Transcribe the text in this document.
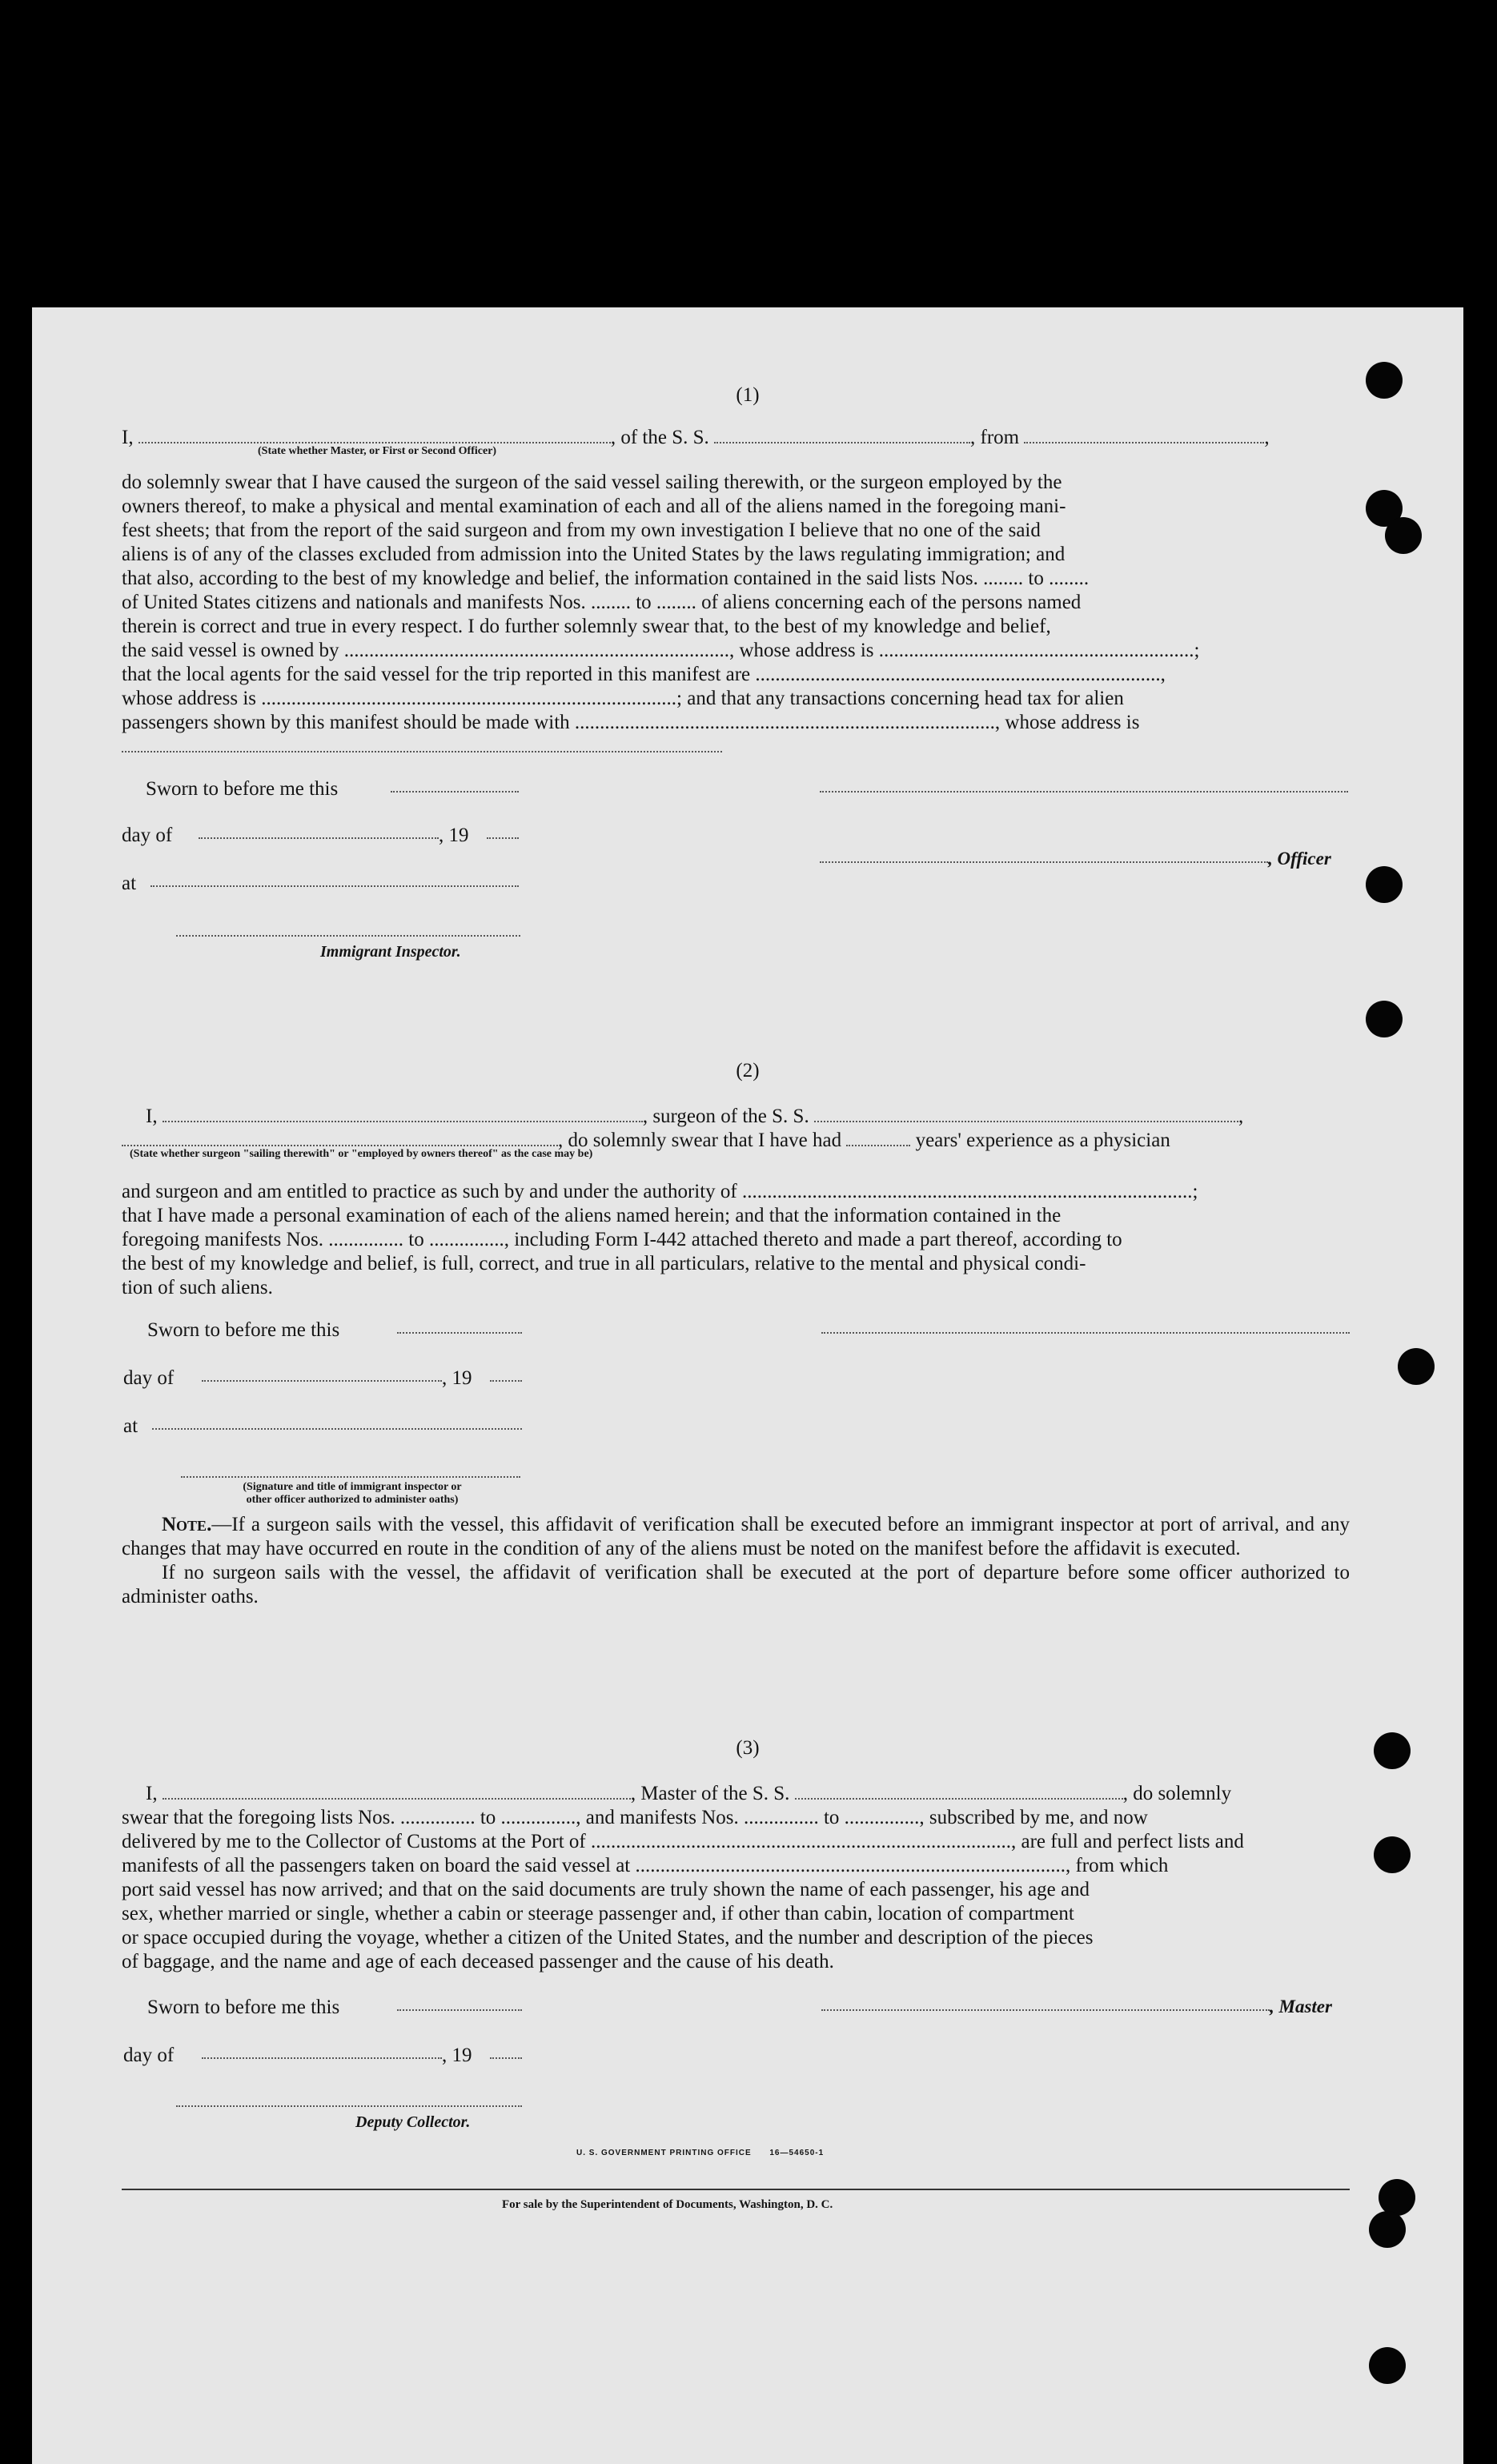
(1)
I,	, of the S. S.	, from	,
(State whether Master, or First or Second Officer)
do solemnly swear that I have caused the surgeon of the said vessel sailing therewith, or the surgeon employed by the
owners thereof, to make a physical and mental examination of each and all of the aliens named in the foregoing mani-
fest sheets; that from the report of the said surgeon and from my own investigation I believe that no one of the said
aliens is of any of the classes excluded from admission into the United States by the laws regulating immigration; and
that also, according to the best of my knowledge and belief, the information contained in the said lists Nos. ........ to ........
of United States citizens and nationals and manifests Nos. ........ to ........ of aliens concerning each of the persons named
therein is correct and true in every respect. I do further solemnly swear that, to the best of my knowledge and belief,
the said vessel is owned by ............................................................................., whose address is ...............................................................;
that the local agents for the said vessel for the trip reported in this manifest are .................................................................................,
whose address is ...................................................................................; and that any transactions concerning head tax for alien
passengers shown by this manifest should be made with ...................................................................................., whose address is
Sworn to before me this
day of	, 19
, Officer
at
Immigrant Inspector.
(2)
I,	, surgeon of the S. S.	,
, do solemnly swear that I have had	years' experience as a physician
(State whether surgeon "sailing therewith" or "employed by owners thereof" as the case may be)
and surgeon and am entitled to practice as such by and under the authority of ..........................................................................................;
that I have made a personal examination of each of the aliens named herein; and that the information contained in the
foregoing manifests Nos. ............... to ..............., including Form I-442 attached thereto and made a part thereof, according to
the best of my knowledge and belief, is full, correct, and true in all particulars, relative to the mental and physical condi-
tion of such aliens.
Sworn to before me this
day of	, 19
at
(Signature and title of immigrant inspector or
other officer authorized to administer oaths)

Note.—If a surgeon sails with the vessel, this affidavit of verification shall be executed before an immigrant inspector at port of arrival, and any changes that may have occurred en route in the condition of any of the aliens must be noted on the manifest before the affidavit is executed.

If no surgeon sails with the vessel, the affidavit of verification shall be executed at the port of departure before some officer authorized to administer oaths.

(3)
I,	, Master of the S. S.	, do solemnly
swear that the foregoing lists Nos. ............... to ..............., and manifests Nos. ............... to ..............., subscribed by me, and now
delivered by me to the Collector of Customs at the Port of ...................................................................................., are full and perfect lists and
manifests of all the passengers taken on board the said vessel at ......................................................................................, from which
port said vessel has now arrived; and that on the said documents are truly shown the name of each passenger, his age and
sex, whether married or single, whether a cabin or steerage passenger and, if other than cabin, location of compartment
or space occupied during the voyage, whether a citizen of the United States, and the number and description of the pieces
of baggage, and the name and age of each deceased passenger and the cause of his death.
Sworn to before me this	, Master
day of	, 19
Deputy Collector.
U. S. GOVERNMENT PRINTING OFFICE      16—54650-1
For sale by the Superintendent of Documents, Washington, D. C.
